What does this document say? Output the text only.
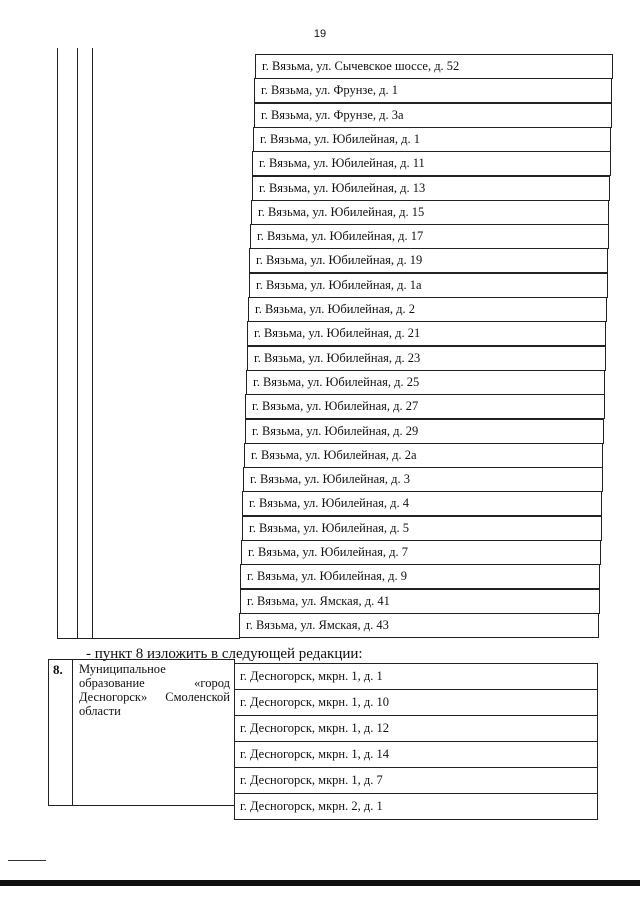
19
г. Вязьма, ул. Сычевское шоссе, д. 52
г. Вязьма, ул. Фрунзе, д. 1
г. Вязьма, ул. Фрунзе, д. 3а
г. Вязьма, ул. Юбилейная, д. 1
г. Вязьма, ул. Юбилейная, д. 11
г. Вязьма, ул. Юбилейная, д. 13
г. Вязьма, ул. Юбилейная, д. 15
г. Вязьма, ул. Юбилейная, д. 17
г. Вязьма, ул. Юбилейная, д. 19
г. Вязьма, ул. Юбилейная, д. 1а
г. Вязьма, ул. Юбилейная, д. 2
г. Вязьма, ул. Юбилейная, д. 21
г. Вязьма, ул. Юбилейная, д. 23
г. Вязьма, ул. Юбилейная, д. 25
г. Вязьма, ул. Юбилейная, д. 27
г. Вязьма, ул. Юбилейная, д. 29
г. Вязьма, ул. Юбилейная, д. 2а
г. Вязьма, ул. Юбилейная, д. 3
г. Вязьма, ул. Юбилейная, д. 4
г. Вязьма, ул. Юбилейная, д. 5
г. Вязьма, ул. Юбилейная, д. 7
г. Вязьма, ул. Юбилейная, д. 9
г. Вязьма, ул. Ямская, д. 41
г. Вязьма, ул. Ямская, д. 43
- пункт 8 изложить в следующей редакции:
8.	Муниципальное
образование	«город
Десногорск» Смоленской
области
г. Десногорск, мкрн. 1, д. 1
г. Десногорск, мкрн. 1, д. 10
г. Десногорск, мкрн. 1, д. 12
г. Десногорск, мкрн. 1, д. 14
г. Десногорск, мкрн. 1, д. 7
г. Десногорск, мкрн. 2, д. 1
